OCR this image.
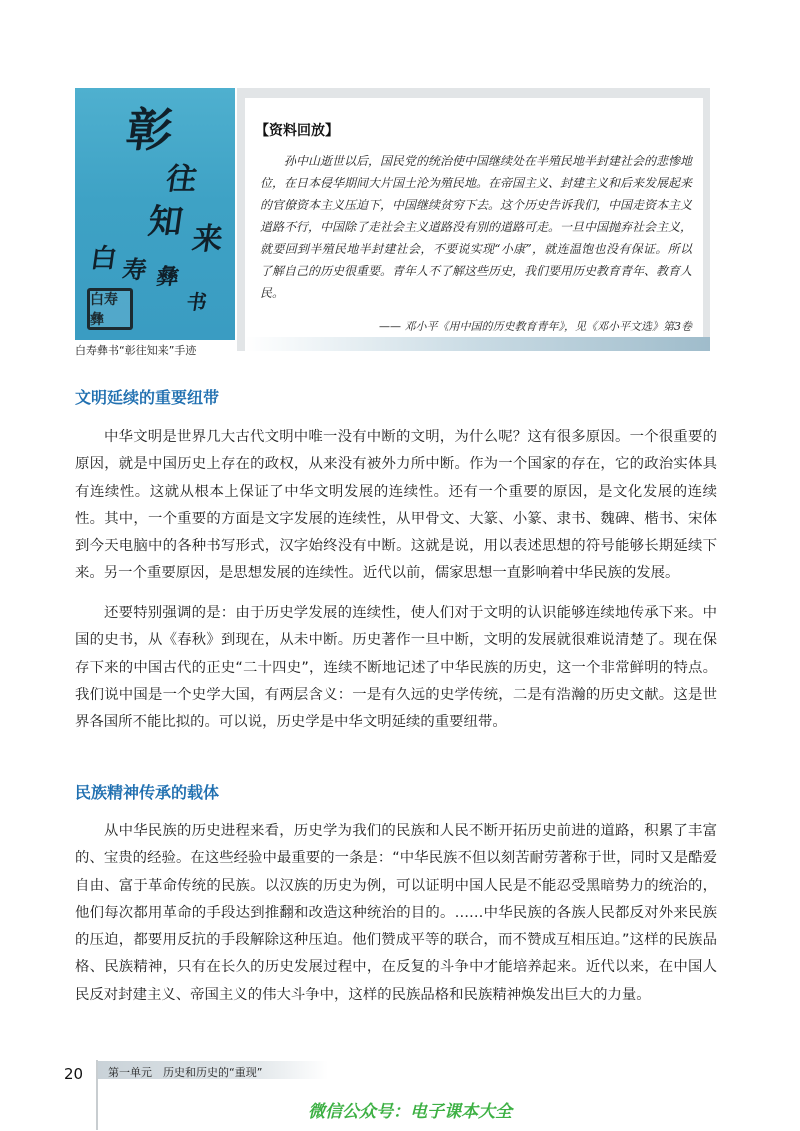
彰
往
知 来
白 寿 彝
书
白寿彝
白寿彝书“彰往知来”手迹
【资料回放】

孙中山逝世以后，国民党的统治使中国继续处在半殖民地半封建社会的悲惨地位，在日本侵华期间大片国土沦为殖民地。在帝国主义、封建主义和后来发展起来的官僚资本主义压迫下，中国继续贫穷下去。这个历史告诉我们，中国走资本主义道路不行，中国除了走社会主义道路没有别的道路可走。一旦中国抛弃社会主义，就要回到半殖民地半封建社会，不要说实现“小康”，就连温饱也没有保证。所以了解自己的历史很重要。青年人不了解这些历史，我们要用历史教育青年、教育人民。

—— 邓小平《用中国的历史教育青年》，见《邓小平文选》第3卷
文明延续的重要纽带

中华文明是世界几大古代文明中唯一没有中断的文明，为什么呢？这有很多原因。一个很重要的原因，就是中国历史上存在的政权，从来没有被外力所中断。作为一个国家的存在，它的政治实体具有连续性。这就从根本上保证了中华文明发展的连续性。还有一个重要的原因，是文化发展的连续性。其中，一个重要的方面是文字发展的连续性，从甲骨文、大篆、小篆、隶书、魏碑、楷书、宋体到今天电脑中的各种书写形式，汉字始终没有中断。这就是说，用以表述思想的符号能够长期延续下来。另一个重要原因，是思想发展的连续性。近代以前，儒家思想一直影响着中华民族的发展。

还要特别强调的是：由于历史学发展的连续性，使人们对于文明的认识能够连续地传承下来。中国的史书，从《春秋》到现在，从未中断。历史著作一旦中断，文明的发展就很难说清楚了。现在保存下来的中国古代的正史“二十四史”，连续不断地记述了中华民族的历史，这一个非常鲜明的特点。我们说中国是一个史学大国，有两层含义：一是有久远的史学传统，二是有浩瀚的历史文献。这是世界各国所不能比拟的。可以说，历史学是中华文明延续的重要纽带。

民族精神传承的载体

从中华民族的历史进程来看，历史学为我们的民族和人民不断开拓历史前进的道路，积累了丰富的、宝贵的经验。在这些经验中最重要的一条是：“中华民族不但以刻苦耐劳著称于世，同时又是酷爱自由、富于革命传统的民族。以汉族的历史为例，可以证明中国人民是不能忍受黑暗势力的统治的，他们每次都用革命的手段达到推翻和改造这种统治的目的。……中华民族的各族人民都反对外来民族的压迫，都要用反抗的手段解除这种压迫。他们赞成平等的联合，而不赞成互相压迫。”这样的民族品格、民族精神，只有在长久的历史发展过程中，在反复的斗争中才能培养起来。近代以来，在中国人民反对封建主义、帝国主义的伟大斗争中，这样的民族品格和民族精神焕发出巨大的力量。

20 第一单元　历史和历史的“重现”
微信公众号：电子课本大全
